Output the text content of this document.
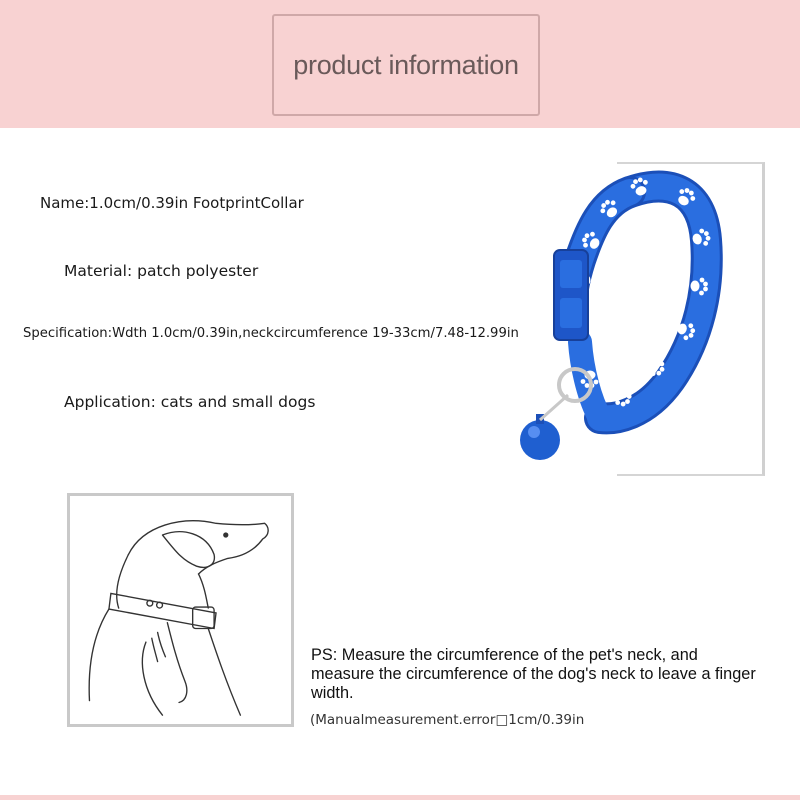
product information
Name:1.0cm/0.39in FootprintCollar
Material: patch polyester
Specification:Wdth 1.0cm/0.39in,neckcircumference 19-33cm/7.48-12.99in
Application: cats and small dogs
PS: Measure the circumference of the pet's neck, and measure the circumference of the dog's neck to leave a finger width.
(Manualmeasurement.error□1cm/0.39in
